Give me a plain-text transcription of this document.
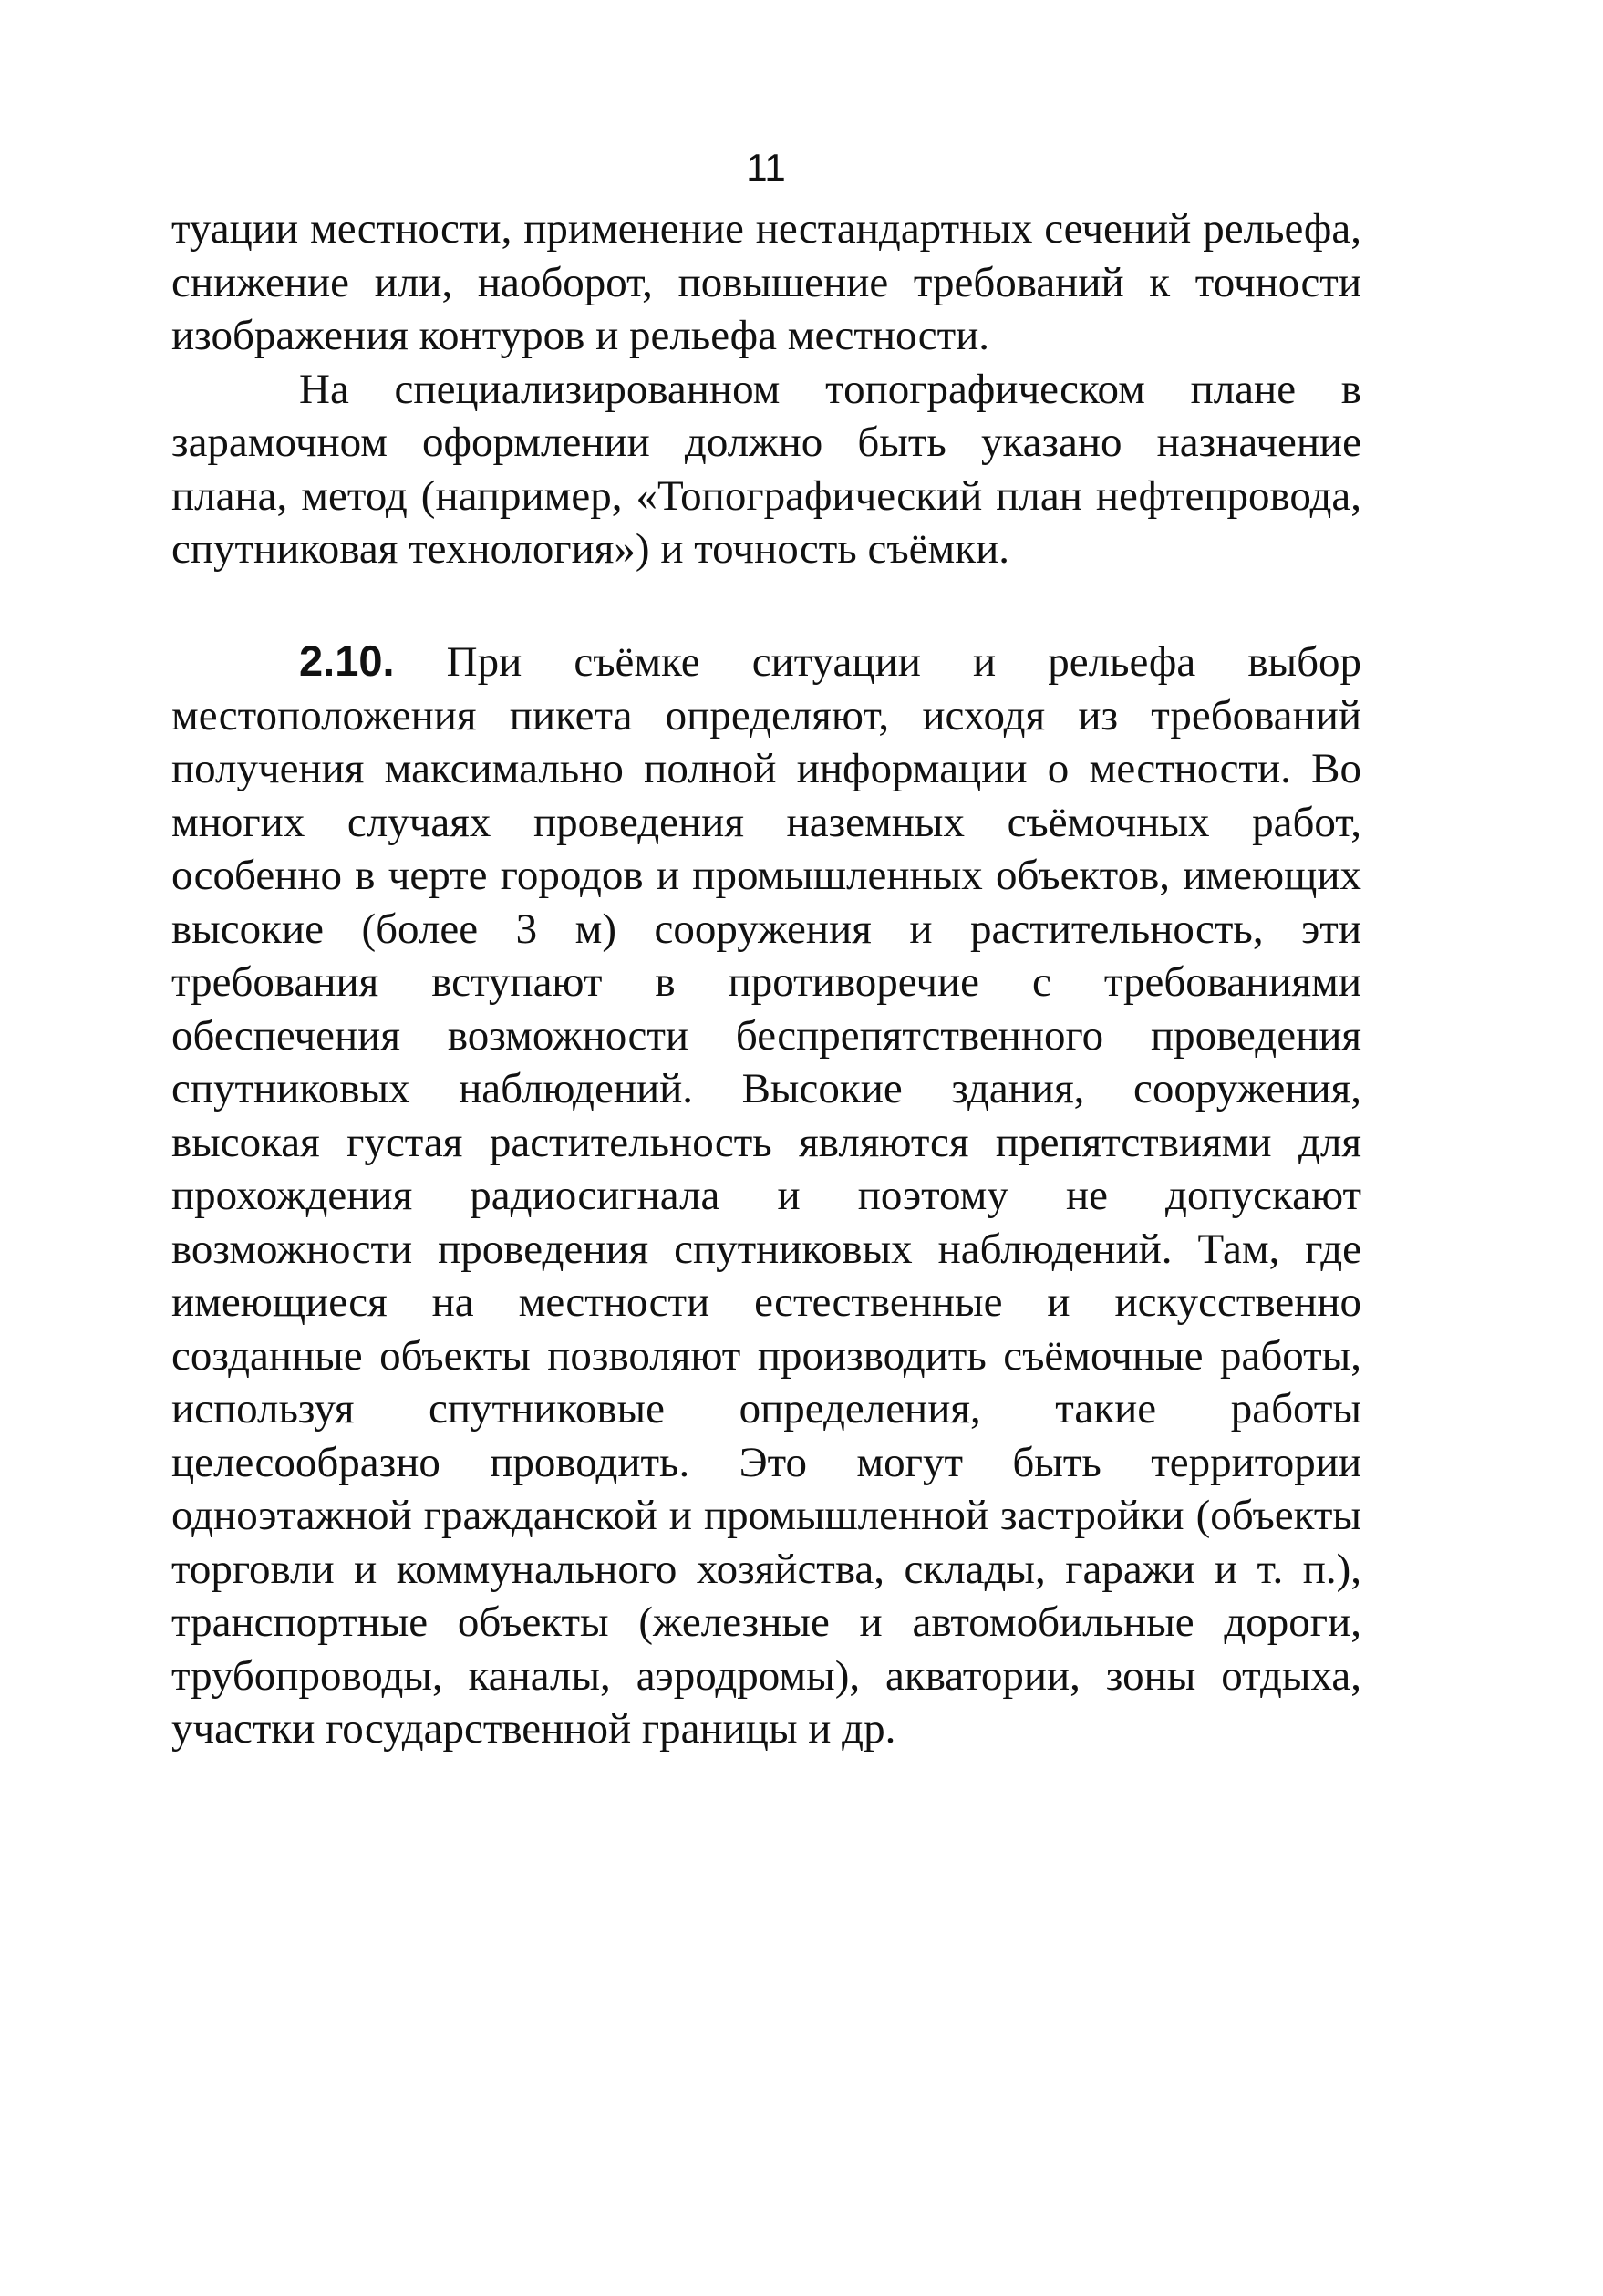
11

туации местности, применение нестандартных сечений рельефа, снижение или, наоборот, повышение требований к точности изображения контуров и рельефа местности.

На специализированном топографическом плане в зарамочном оформлении должно быть указано назначение плана, метод (например, «Топографический план нефтепровода, спутниковая технология») и точность съёмки.

2.10. При съёмке ситуации и рельефа выбор местоположения пикета определяют, исходя из требований получения максимально полной информации о местности. Во многих случаях проведения наземных съёмочных работ, особенно в черте городов и промышленных объектов, имеющих высокие (более 3 м) сооружения и растительность, эти требования вступают в противоречие с требованиями обеспечения возможности беспрепятственного проведения спутниковых наблюдений. Высокие здания, сооружения, высокая густая растительность являются препятствиями для прохождения радиосигнала и поэтому не допускают возможности проведения спутниковых наблюдений. Там, где имеющиеся на местности естественные и искусственно созданные объекты позволяют производить съёмочные работы, используя спутниковые определения, такие работы целесообразно проводить. Это могут быть территории одноэтажной гражданской и промышленной застройки (объекты торговли и коммунального хозяйства, склады, гаражи и т. п.), транспортные объекты (железные и автомобильные дороги, трубопроводы, каналы, аэродромы), акватории, зоны отдыха, участки государственной границы и др.
